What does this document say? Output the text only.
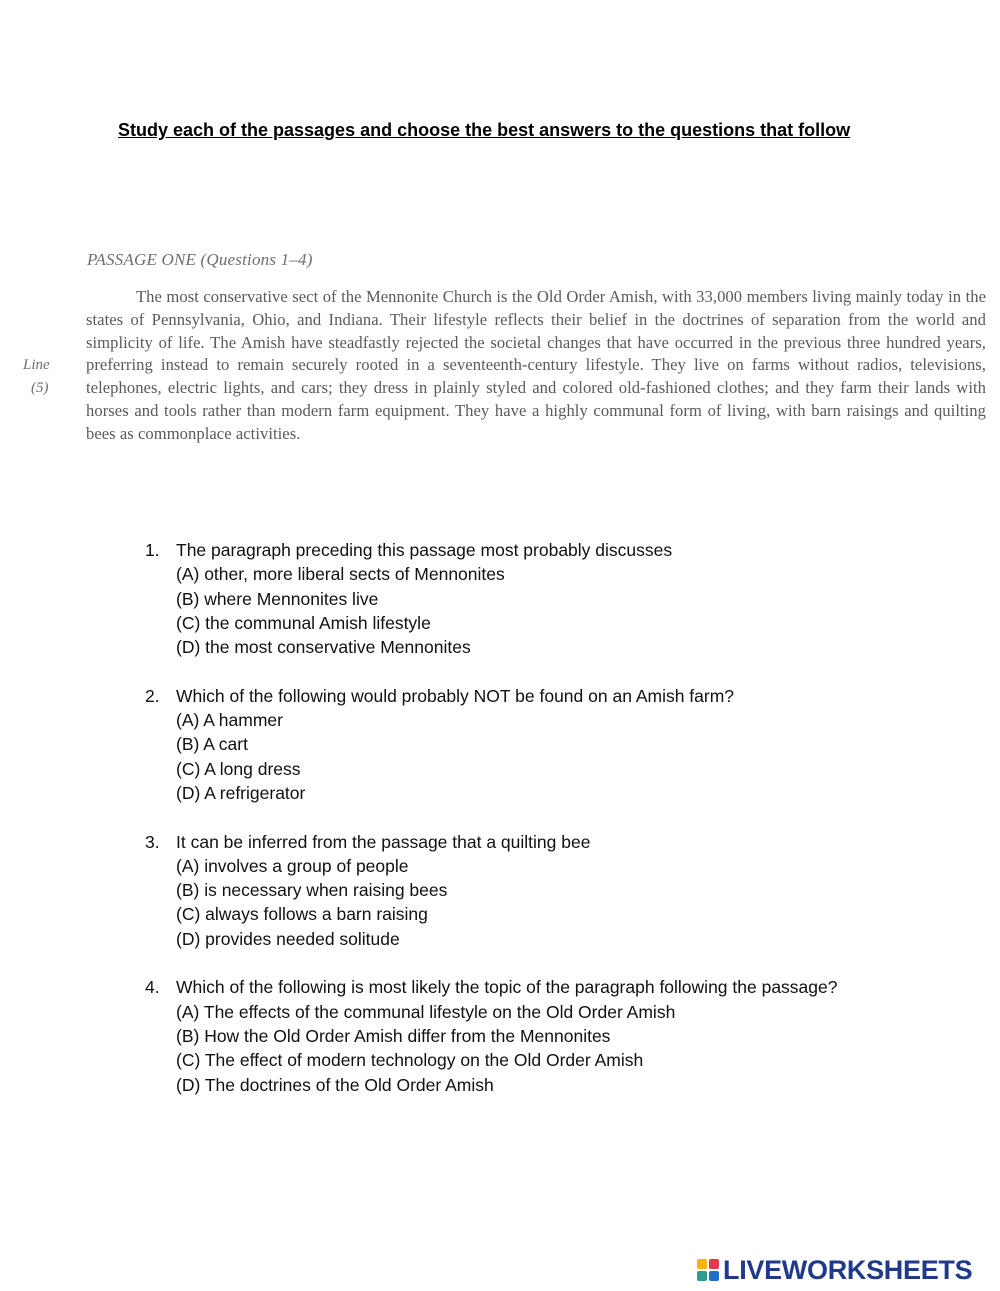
Study each of the passages and choose the best answers to the questions that follow
PASSAGE ONE (Questions 1–4)
Line
(5)
The most conservative sect of the Mennonite Church is the Old Order Amish, with 33,000 members living mainly today in the states of Pennsylvania, Ohio, and Indiana. Their lifestyle reflects their belief in the doctrines of separation from the world and simplicity of life. The Amish have steadfastly rejected the societal changes that have occurred in the previous three hundred years, preferring instead to remain securely rooted in a seventeenth-century lifestyle. They live on farms without radios, televisions, telephones, electric lights, and cars; they dress in plainly styled and colored old-fashioned clothes; and they farm their lands with horses and tools rather than modern farm equipment. They have a highly communal form of living, with barn raisings and quilting bees as commonplace activities.
1. The paragraph preceding this passage most probably discusses
(A) other, more liberal sects of Mennonites
(B) where Mennonites live
(C) the communal Amish lifestyle
(D) the most conservative Mennonites
2. Which of the following would probably NOT be found on an Amish farm?
(A) A hammer
(B) A cart
(C) A long dress
(D) A refrigerator
3. It can be inferred from the passage that a quilting bee
(A) involves a group of people
(B) is necessary when raising bees
(C) always follows a barn raising
(D) provides needed solitude
4. Which of the following is most likely the topic of the paragraph following the passage?
(A) The effects of the communal lifestyle on the Old Order Amish
(B) How the Old Order Amish differ from the Mennonites
(C) The effect of modern technology on the Old Order Amish
(D) The doctrines of the Old Order Amish
LIVEWORKSHEETS
